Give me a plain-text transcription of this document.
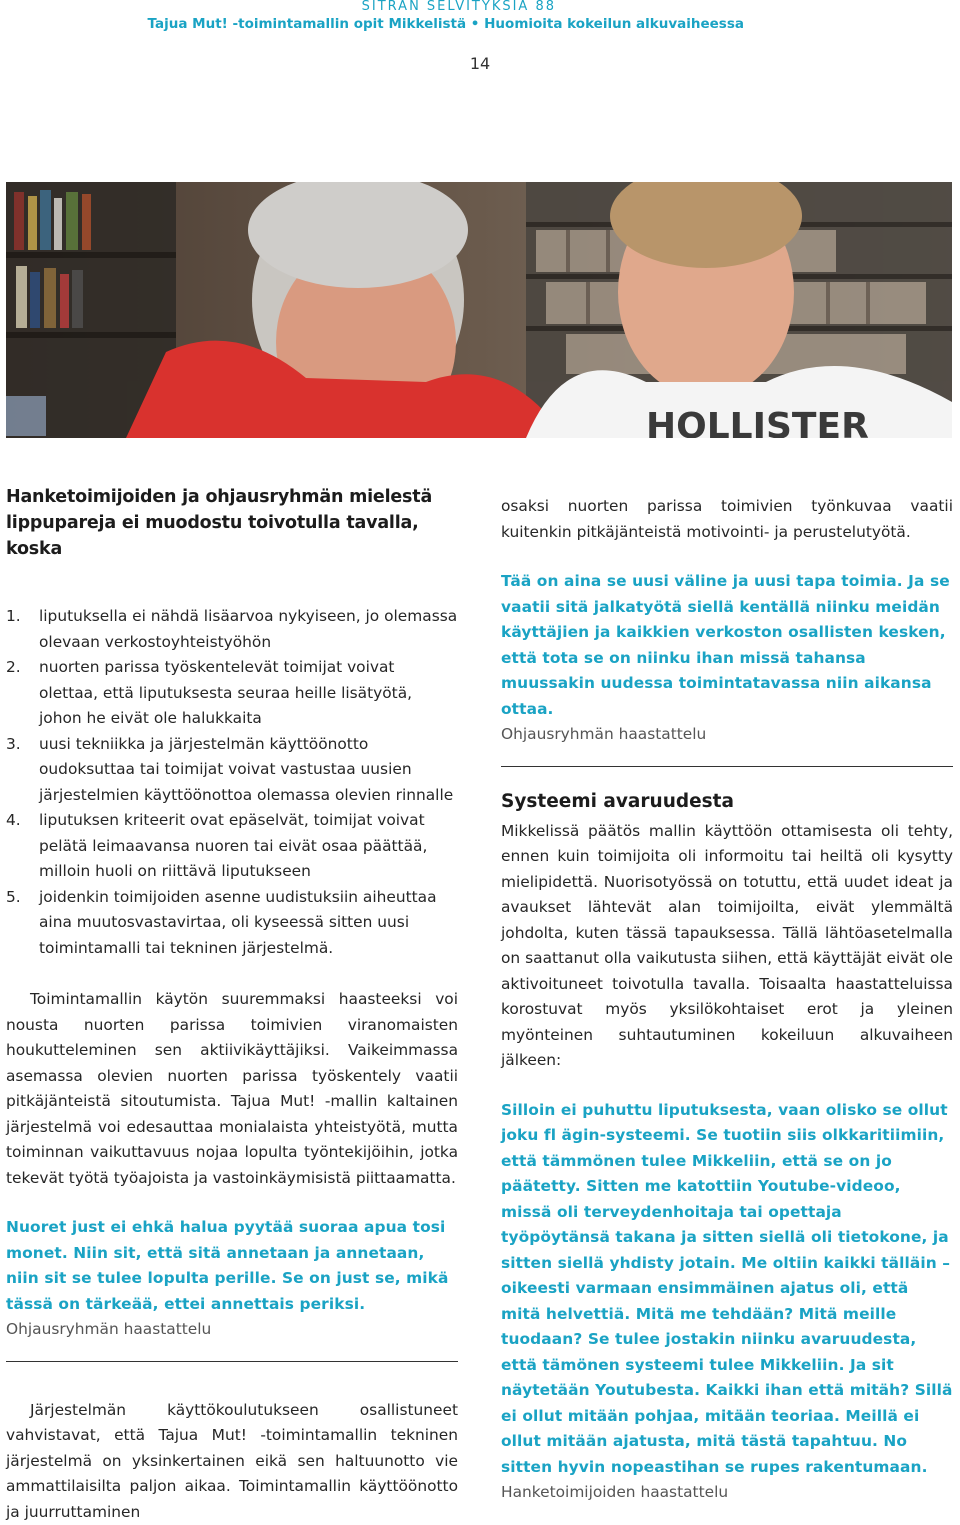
SITRAN SELVITYKSIÄ 88
Tajua Mut! -toimintamallin opit Mikkelistä • Huomioita kokeilun alkuvaiheessa
14
HOLLISTER
Hanketoimijoiden ja ohjausryhmän mielestä lippupareja ei muodostu toivotulla tavalla, koska
1. liputuksella ei nähdä lisäarvoa nykyiseen, jo olemassa olevaan verkostoyhteistyöhön
2. nuorten parissa työskentelevät toimijat voivat olettaa, että liputuksesta seuraa heille lisätyötä, johon he eivät ole halukkaita
3. uusi tekniikka ja järjestelmän käyttöönotto oudoksuttaa tai toimijat voivat vastustaa uusien järjestelmien käyttöönottoa olemassa olevien rinnalle
4. liputuksen kriteerit ovat epäselvät, toimijat voivat pelätä leimaavansa nuoren tai eivät osaa päättää, milloin huoli on riittävä liputukseen
5. joidenkin toimijoiden asenne uudistuksiin aiheuttaa aina muutosvastavirtaa, oli kyseessä sitten uusi toimintamalli tai tekninen järjestelmä.

Toimintamallin käytön suuremmaksi haasteeksi voi nousta nuorten parissa toimivien viranomaisten houkutteleminen sen aktiivikäyttäjiksi. Vaikeimmassa asemassa olevien nuorten parissa työskentely vaatii pitkäjänteistä sitoutumista. Tajua Mut! -mallin kaltainen järjestelmä voi edesauttaa monialaista yhteistyötä, mutta toiminnan vaikuttavuus nojaa lopulta työntekijöihin, jotka tekevät työtä työajoista ja vastoinkäymisistä piittaamatta.

Nuoret just ei ehkä halua pyytää suoraa apua tosi monet. Niin sit, että sitä annetaan ja annetaan, niin sit se tulee lopulta perille. Se on just se, mikä tässä on tärkeää, ettei annettais periksi.

Ohjausryhmän haastattelu

Järjestelmän käyttökoulutukseen osallistuneet vahvistavat, että Tajua Mut! -toimintamallin tekninen järjestelmä on yksinkertainen eikä sen haltuunotto vie ammattilaisilta paljon aikaa. Toimintamallin käyttöönotto ja juurruttaminen

osaksi nuorten parissa toimivien työnkuvaa vaatii kuitenkin pitkäjänteistä motivointi- ja perustelutyötä.

Tää on aina se uusi väline ja uusi tapa toimia. Ja se vaatii sitä jalkatyötä siellä kentällä niinku meidän käyttäjien ja kaikkien verkoston osallisten kesken, että tota se on niinku ihan missä tahansa muussakin uudessa toimintatavassa niin aikansa ottaa.

Ohjausryhmän haastattelu

Systeemi avaruudesta

Mikkelissä päätös mallin käyttöön ottamisesta oli tehty, ennen kuin toimijoita oli informoitu tai heiltä oli kysytty mielipidettä. Nuorisotyössä on totuttu, että uudet ideat ja avaukset lähtevät alan toimijoilta, eivät ylemmältä johdolta, kuten tässä tapauksessa. Tällä lähtöasetelmalla on saattanut olla vaikutusta siihen, että käyttäjät eivät ole aktivoituneet toivotulla tavalla. Toisaalta haastatteluissa korostuvat myös yksilökohtaiset erot ja yleinen myönteinen suhtautuminen kokeiluun alkuvaiheen jälkeen:

Silloin ei puhuttu liputuksesta, vaan olisko se ollut joku fl ägin-systeemi. Se tuotiin siis olkkaritiimiin, että tämmönen tulee Mikkeliin, että se on jo päätetty. Sitten me katottiin Youtube-videoo, missä oli terveydenhoitaja tai opettaja työpöytänsä takana ja sitten siellä oli tietokone, ja sitten siellä yhdisty jotain. Me oltiin kaikki tälläin – oikeesti varmaan ensimmäinen ajatus oli, että mitä helvettiä. Mitä me tehdään? Mitä meille tuodaan? Se tulee jostakin niinku avaruudesta, että tämönen systeemi tulee Mikkeliin. Ja sit näytetään Youtubesta. Kaikki ihan että mitäh? Sillä ei ollut mitään pohjaa, mitään teoriaa. Meillä ei ollut mitään ajatusta, mitä tästä tapahtuu. No sitten hyvin nopeastihan se rupes rakentumaan.

Hanketoimijoiden haastattelu
